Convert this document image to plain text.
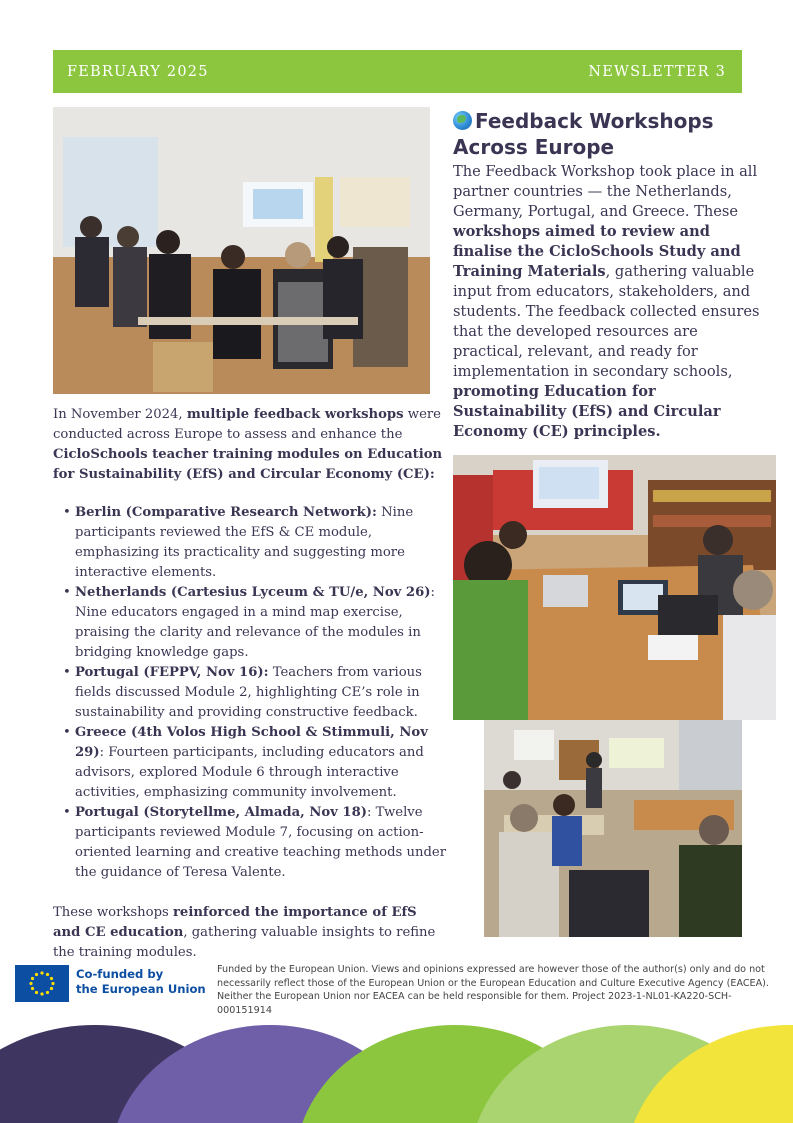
FEBRUARY 2025	NEWSLETTER 3

In November 2024, multiple feedback workshops were conducted across Europe to assess and enhance the CicloSchools teacher training modules on Education for Sustainability (EfS) and Circular Economy (CE):

• Berlin (Comparative Research Network): Nine participants reviewed the EfS & CE module, emphasizing its practicality and suggesting more interactive elements.
• Netherlands (Cartesius Lyceum & TU/e, Nov 26): Nine educators engaged in a mind map exercise, praising the clarity and relevance of the modules in bridging knowledge gaps.
• Portugal (FEPPV, Nov 16): Teachers from various fields discussed Module 2, highlighting CE’s role in sustainability and providing constructive feedback.
• Greece (4th Volos High School & Stimmuli, Nov 29): Fourteen participants, including educators and advisors, explored Module 6 through interactive activities, emphasizing community involvement.
• Portugal (Storytellme, Almada, Nov 18): Twelve participants reviewed Module 7, focusing on action-oriented learning and creative teaching methods under the guidance of Teresa Valente.

These workshops reinforced the importance of EfS and CE education, gathering valuable insights to refine the training modules.

Feedback Workshops Across Europe
The Feedback Workshop took place in all partner countries — the Netherlands, Germany, Portugal, and Greece. These workshops aimed to review and finalise the CicloSchools Study and Training Materials, gathering valuable input from educators, stakeholders, and students. The feedback collected ensures that the developed resources are practical, relevant, and ready for implementation in secondary schools, promoting Education for Sustainability (EfS) and Circular Economy (CE) principles.
Co-funded by
the European Union
Funded by the European Union. Views and opinions expressed are however those of the author(s) only and do not necessarily reflect those of the European Union or the European Education and Culture Executive Agency (EACEA). Neither the European Union nor EACEA can be held responsible for them. Project 2023-1-NL01-KA220-SCH-000151914
